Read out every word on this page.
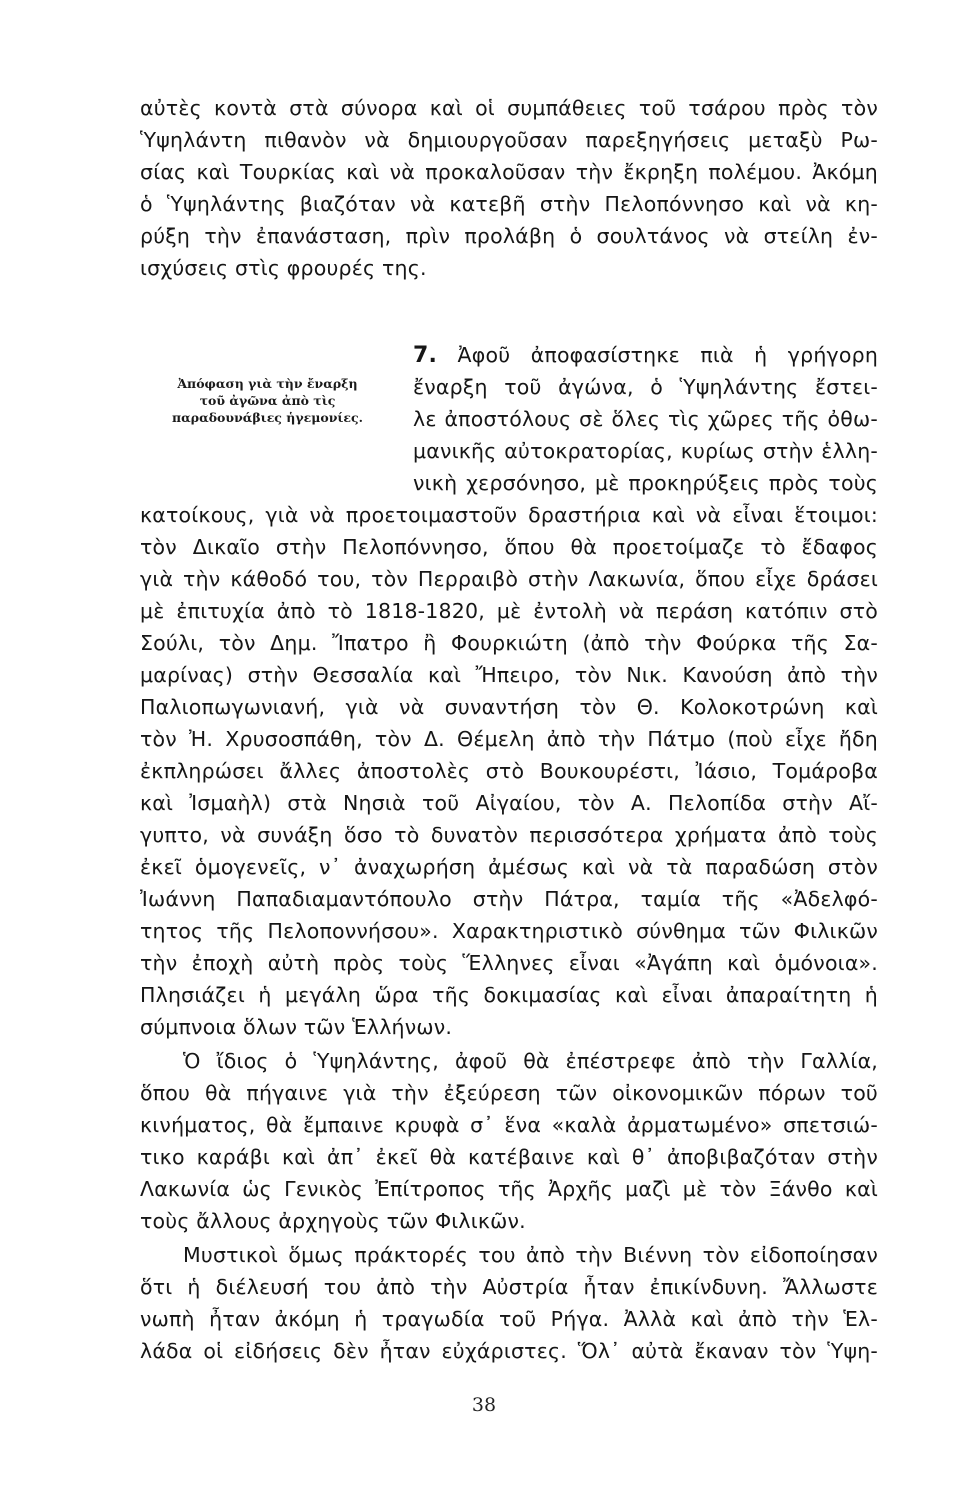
αὐτὲς κοντὰ στὰ σύνορα καὶ οἱ συμπάθειες τοῦ τσάρου πρὸς τὸν
Ὑψηλάντη πιθανὸν νὰ δημιουργοῦσαν παρεξηγήσεις μεταξὺ Ρω-
σίας καὶ Τουρκίας καὶ νὰ προκαλοῦσαν τὴν ἔκρηξη πολέμου. Ἀκόμη
ὁ Ὑψηλάντης βιαζόταν νὰ κατεβῆ στὴν Πελοπόννησο καὶ νὰ κη-
ρύξη τὴν ἐπανάσταση, πρὶν προλάβη ὁ σουλτάνος νὰ στείλη ἐν-
ισχύσεις στὶς φρουρές της.
Ἀπόφαση γιὰ τὴν ἔναρξη
τοῦ ἀγῶνα ἀπὸ τὶς
παραδουνάβιες ἡγεμονίες.
7. Ἀφοῦ ἀποφασίστηκε πιὰ ἡ γρήγορη
ἔναρξη τοῦ ἀγώνα, ὁ Ὑψηλάντης ἔστει-
λε ἀποστόλους σὲ ὅλες τὶς χῶρες τῆς ὀθω-
μανικῆς αὐτοκρατορίας, κυρίως στὴν ἑλλη-
νικὴ χερσόνησο, μὲ προκηρύξεις πρὸς τοὺς
κατοίκους, γιὰ νὰ προετοιμαστοῦν δραστήρια καὶ νὰ εἶναι ἕτοιμοι:
τὸν Δικαῖο στὴν Πελοπόννησο, ὅπου θὰ προετοίμαζε τὸ ἔδαφος
γιὰ τὴν κάθοδό του, τὸν Περραιβὸ στὴν Λακωνία, ὅπου εἶχε δράσει
μὲ ἐπιτυχία ἀπὸ τὸ 1818-1820, μὲ ἐντολὴ νὰ περάση κατόπιν στὸ
Σούλι, τὸν Δημ. Ἴπατρο ἢ Φουρκιώτη (ἀπὸ τὴν Φούρκα τῆς Σα-
μαρίνας) στὴν Θεσσαλία καὶ Ἤπειρο, τὸν Νικ. Κανούση ἀπὸ τὴν
Παλιοπωγωνιανή, γιὰ νὰ συναντήση τὸν Θ. Κολοκοτρώνη καὶ
τὸν Ἠ. Χρυσοσπάθη, τὸν Δ. Θέμελη ἀπὸ τὴν Πάτμο (ποὺ εἶχε ἤδη
ἐκπληρώσει ἄλλες ἀποστολὲς στὸ Βουκουρέστι, Ἰάσιο, Τομάροβα
καὶ Ἰσμαὴλ) στὰ Νησιὰ τοῦ Αἰγαίου, τὸν Α. Πελοπίδα στὴν Αἴ-
γυπτο, νὰ συνάξη ὅσο τὸ δυνατὸν περισσότερα χρήματα ἀπὸ τοὺς
ἐκεῖ ὁμογενεῖς, ν᾽ ἀναχωρήση ἀμέσως καὶ νὰ τὰ παραδώση στὸν
Ἰωάννη Παπαδιαμαντόπουλο στὴν Πάτρα, ταμία τῆς «Ἀδελφό-
τητος τῆς Πελοποννήσου». Χαρακτηριστικὸ σύνθημα τῶν Φιλικῶν
τὴν ἐποχὴ αὐτὴ πρὸς τοὺς Ἕλληνες εἶναι «Ἀγάπη καὶ ὁμόνοια».
Πλησιάζει ἡ μεγάλη ὥρα τῆς δοκιμασίας καὶ εἶναι ἀπαραίτητη ἡ
σύμπνοια ὅλων τῶν Ἑλλήνων.
Ὁ ἴδιος ὁ Ὑψηλάντης, ἀφοῦ θὰ ἐπέστρεφε ἀπὸ τὴν Γαλλία,
ὅπου θὰ πήγαινε γιὰ τὴν ἐξεύρεση τῶν οἰκονομικῶν πόρων τοῦ
κινήματος, θὰ ἔμπαινε κρυφὰ σ᾽ ἕνα «καλὰ ἀρματωμένο» σπετσιώ-
τικο καράβι καὶ ἀπ᾽ ἐκεῖ θὰ κατέβαινε καὶ θ᾽ ἀποβιβαζόταν στὴν
Λακωνία ὡς Γενικὸς Ἐπίτροπος τῆς Ἀρχῆς μαζὶ μὲ τὸν Ξάνθο καὶ
τοὺς ἄλλους ἀρχηγοὺς τῶν Φιλικῶν.
Μυστικοὶ ὅμως πράκτορές του ἀπὸ τὴν Βιέννη τὸν εἰδοποίησαν
ὅτι ἡ διέλευσή του ἀπὸ τὴν Αὐστρία ἦταν ἐπικίνδυνη. Ἄλλωστε
νωπὴ ἦταν ἀκόμη ἡ τραγωδία τοῦ Ρήγα. Ἀλλὰ καὶ ἀπὸ τὴν Ἑλ-
38
λάδα οἱ εἰδήσεις δὲν ἦταν εὐχάριστες. Ὅλ᾽ αὐτὰ ἔκαναν τὸν Ὑψη-
